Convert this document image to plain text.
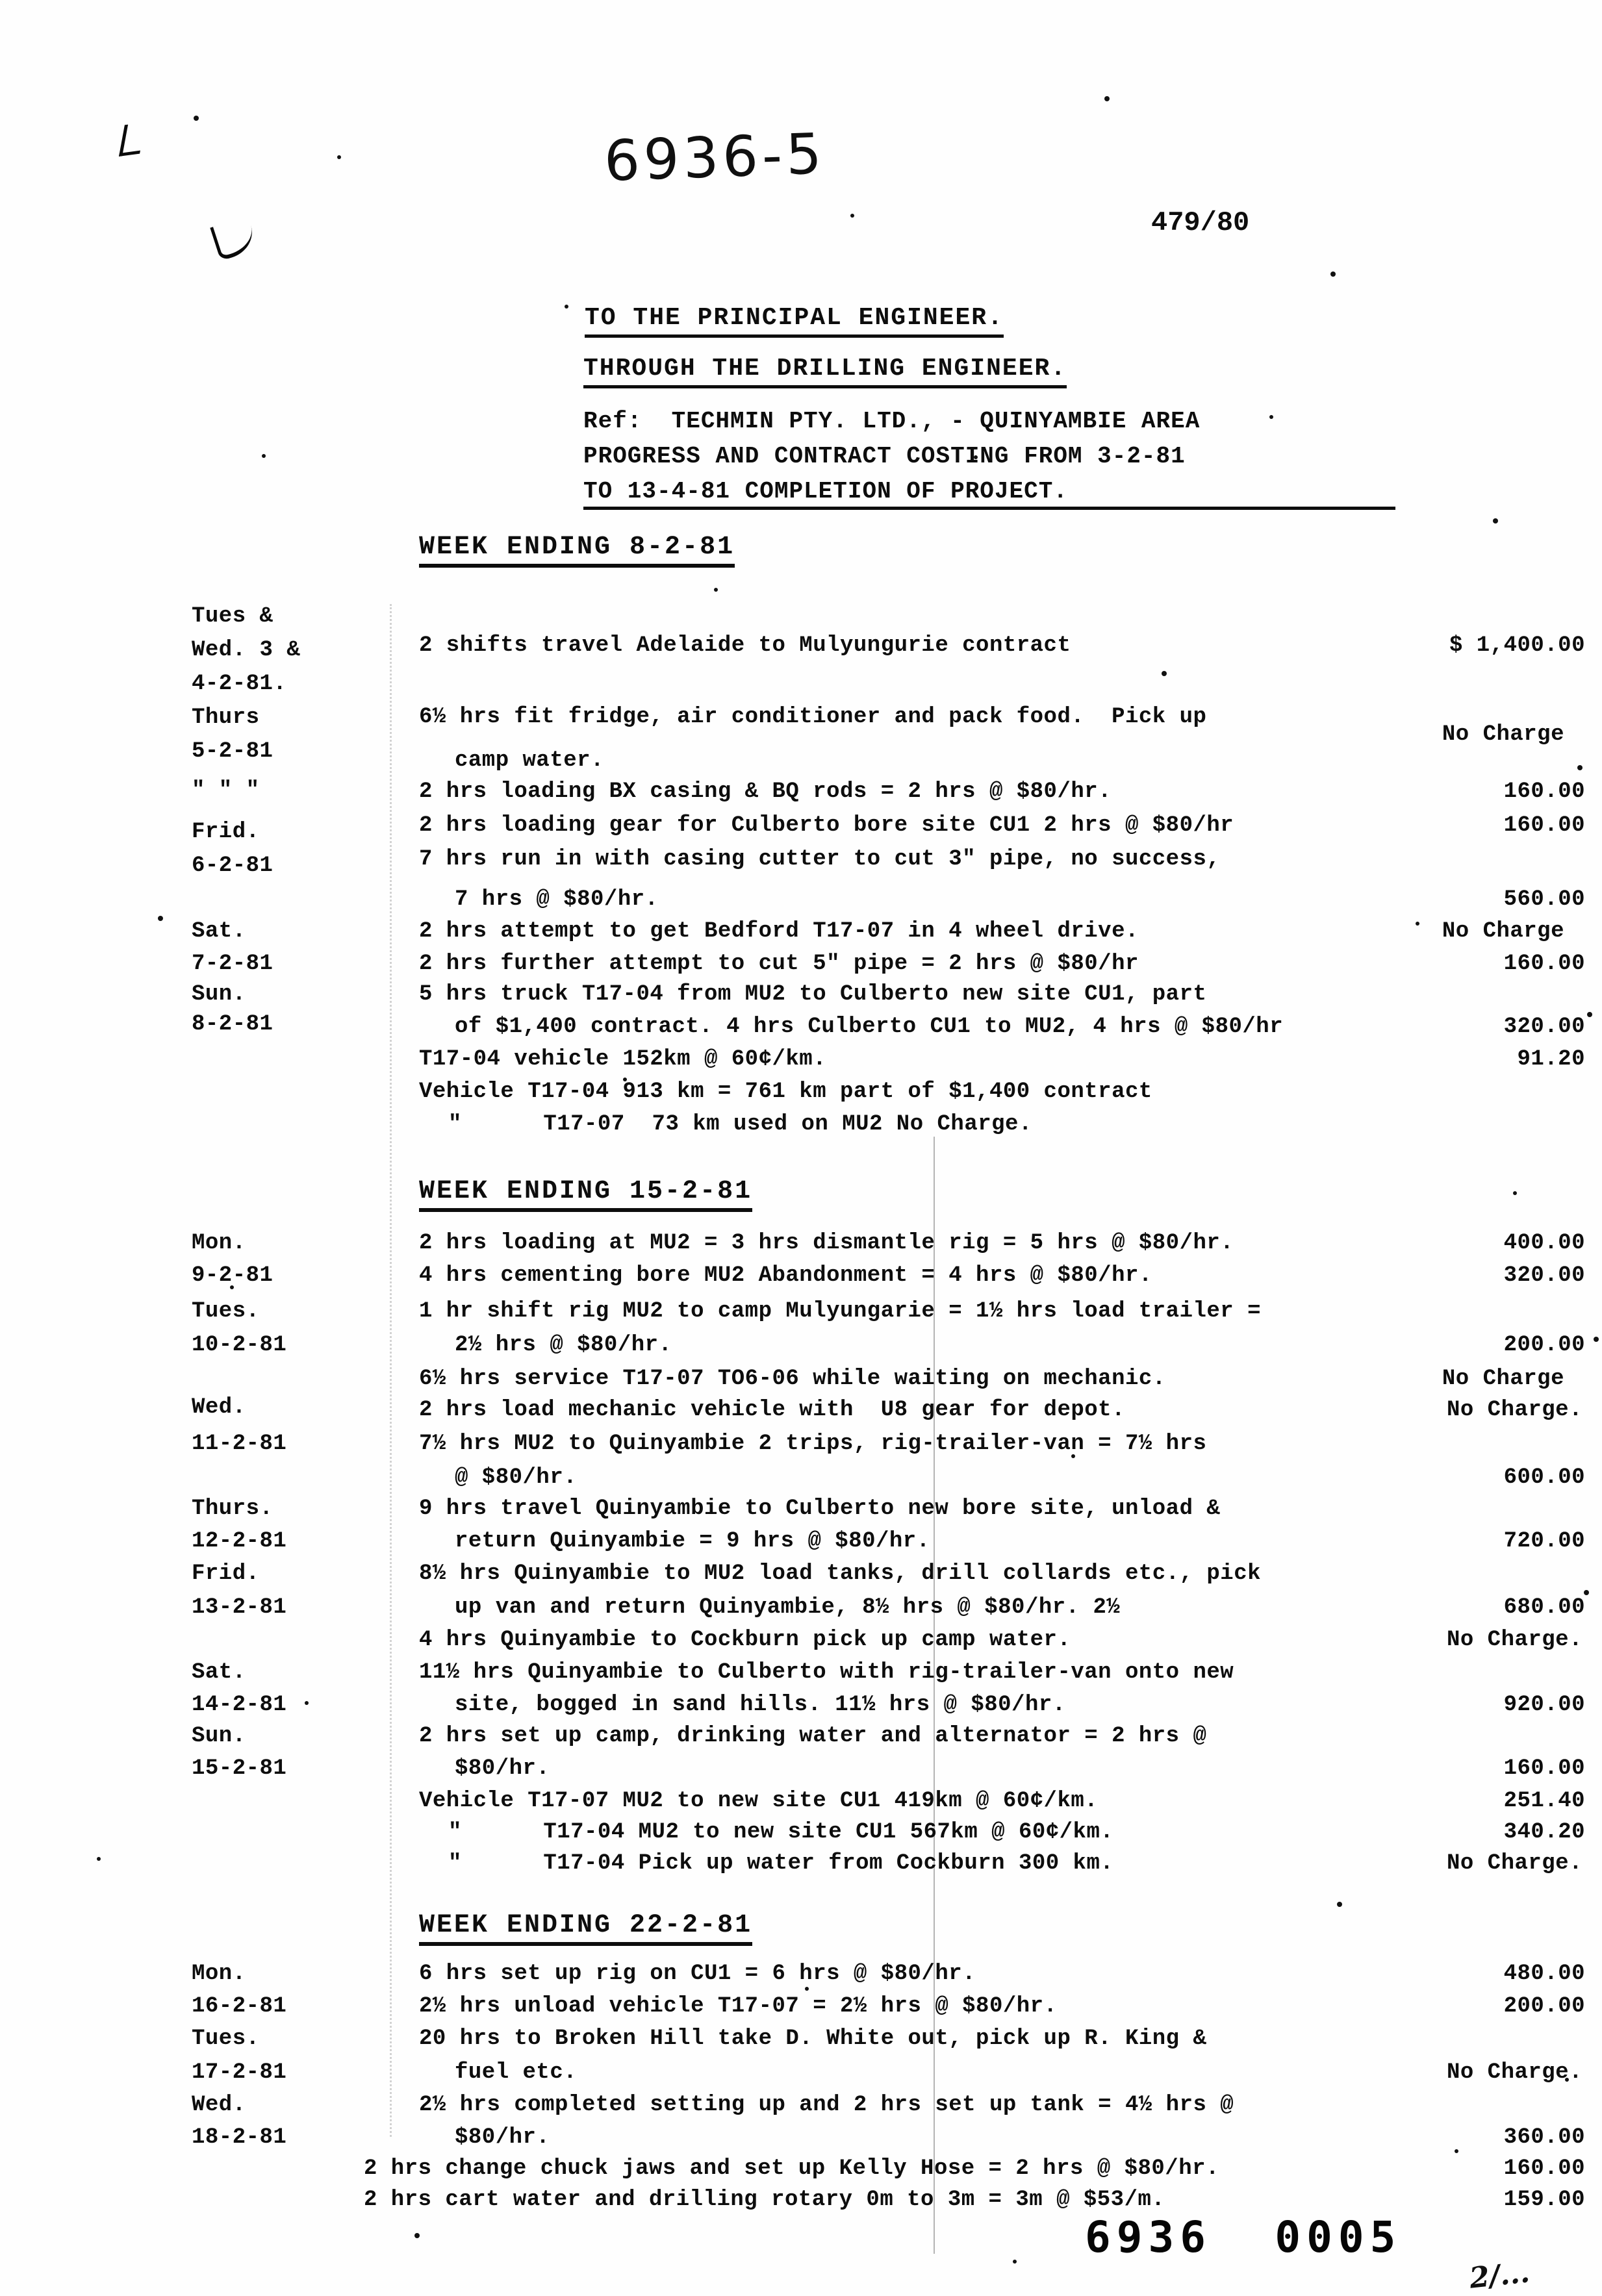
6936-5
479/80
TO THE PRINCIPAL ENGINEER.
THROUGH THE DRILLING ENGINEER.
Ref:  TECHMIN PTY. LTD., - QUINYAMBIE AREA
PROGRESS AND CONTRACT COSTING FROM 3-2-81
TO 13-4-81 COMPLETION OF PROJECT.
WEEK ENDING 8-2-81
Tues &
Wed. 3 &
4-2-81.
Thurs
5-2-81
" " "
Frid.
6-2-81
Sat.
7-2-81
Sun.
8-2-81
2 shifts travel Adelaide to Mulyungurie contract
6½ hrs fit fridge, air conditioner and pack food.  Pick up
camp water.
2 hrs loading BX casing & BQ rods = 2 hrs @ $80/hr.
2 hrs loading gear for Culberto bore site CU1 2 hrs @ $80/hr
7 hrs run in with casing cutter to cut 3" pipe, no success,
7 hrs @ $80/hr.
2 hrs attempt to get Bedford T17-07 in 4 wheel drive.
2 hrs further attempt to cut 5" pipe = 2 hrs @ $80/hr
5 hrs truck T17-04 from MU2 to Culberto new site CU1, part
of $1,400 contract. 4 hrs Culberto CU1 to MU2, 4 hrs @ $80/hr
T17-04 vehicle 152km @ 60¢/km.
Vehicle T17-04 913 km = 761 km part of $1,400 contract
"      T17-07  73 km used on MU2 No Charge.
$ 1,400.00
No Charge
160.00
160.00
560.00
No Charge
160.00
320.00
91.20
WEEK ENDING 15-2-81
Mon.
9-2-81
Tues.
10-2-81
Wed.
11-2-81
Thurs.
12-2-81
Frid.
13-2-81
Sat.
14-2-81
Sun.
15-2-81
2 hrs loading at MU2 = 3 hrs dismantle rig = 5 hrs @ $80/hr.
4 hrs cementing bore MU2 Abandonment = 4 hrs @ $80/hr.
1 hr shift rig MU2 to camp Mulyungarie = 1½ hrs load trailer =
2½ hrs @ $80/hr.
6½ hrs service T17-07 TO6-06 while waiting on mechanic.
2 hrs load mechanic vehicle with  U8 gear for depot.
7½ hrs MU2 to Quinyambie 2 trips, rig-trailer-van = 7½ hrs
@ $80/hr.
9 hrs travel Quinyambie to Culberto new bore site, unload &
return Quinyambie = 9 hrs @ $80/hr.
8½ hrs Quinyambie to MU2 load tanks, drill collards etc., pick
up van and return Quinyambie, 8½ hrs @ $80/hr. 2½
4 hrs Quinyambie to Cockburn pick up camp water.
11½ hrs Quinyambie to Culberto with rig-trailer-van onto new
site, bogged in sand hills. 11½ hrs @ $80/hr.
2 hrs set up camp, drinking water and alternator = 2 hrs @
$80/hr.
Vehicle T17-07 MU2 to new site CU1 419km @ 60¢/km.
"      T17-04 MU2 to new site CU1 567km @ 60¢/km.
"      T17-04 Pick up water from Cockburn 300 km.
400.00
320.00
200.00
No Charge
No Charge.
600.00
720.00
680.00
No Charge.
920.00
160.00
251.40
340.20
No Charge.
WEEK ENDING 22-2-81
Mon.
16-2-81
Tues.
17-2-81
Wed.
18-2-81
6 hrs set up rig on CU1 = 6 hrs @ $80/hr.
2½ hrs unload vehicle T17-07 = 2½ hrs @ $80/hr.
20 hrs to Broken Hill take D. White out, pick up R. King &
fuel etc.
2½ hrs completed setting up and 2 hrs set up tank = 4½ hrs @
$80/hr.
2 hrs change chuck jaws and set up Kelly Hose = 2 hrs @ $80/hr.
2 hrs cart water and drilling rotary 0m to 3m = 3m @ $53/m.
480.00
200.00
No Charge.
360.00
160.00
159.00
6936  0005
2/...
